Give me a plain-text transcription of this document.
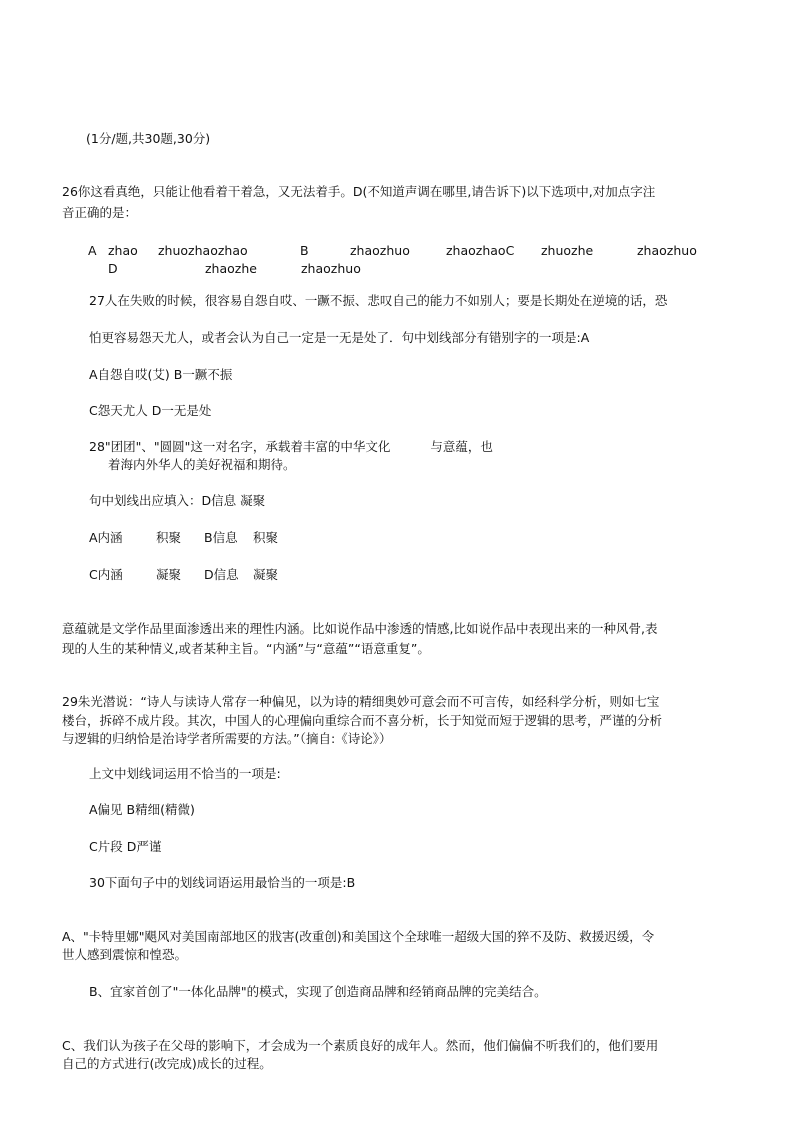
(1分/题,共30题,30分)
26你这看真绝，只能让他看着干着急，又无法着手。D(不知道声调在哪里,请告诉下)以下选项中,对加点字注
音正确的是：
A zhao zhuozhaozhao	B	zhaozhuo	zhaozhaoC zhuozhe	zhaozhuo
D	zhaozhe	zhaozhuo
27人在失败的时候，很容易自怨自哎、一蹶不振、悲叹自己的能力不如别人；要是长期处在逆境的话，恐
怕更容易怨天尤人，或者会认为自己一定是一无是处了．句中划线部分有错别字的一项是:A
A自怨自哎(艾) B一蹶不振
C怨天尤人 D一无是处
28"团团"、"圆圆"这一对名字，承载着丰富的中华文化	与意蕴，也
着海内外华人的美好祝福和期待。
句中划线出应填入：D信息 凝聚
A内涵	积聚 B信息 积聚
C内涵	凝聚 D信息 凝聚
意蕴就是文学作品里面渗透出来的理性内涵。比如说作品中渗透的情感,比如说作品中表现出来的一种风骨,表
现的人生的某种情义,或者某种主旨。“内涵”与“意蕴”“语意重复”。
29朱光潜说：“诗人与读诗人常存一种偏见，以为诗的精细奥妙可意会而不可言传，如经科学分析，则如七宝
楼台，拆碎不成片段。其次，中国人的心理偏向重综合而不喜分析，长于知觉而短于逻辑的思考，严谨的分析
与逻辑的归纳恰是治诗学者所需要的方法。”（摘自:《诗论》）
上文中划线词运用不恰当的一项是:
A偏见 B精细(精微)
C片段 D严谨
30下面句子中的划线词语运用最恰当的一项是:B
A、"卡特里娜"飓风对美国南部地区的戕害(改重创)和美国这个全球唯一超级大国的猝不及防、救援迟缓，令
世人感到震惊和惶恐。
B、宜家首创了"一体化品牌"的模式，实现了创造商品牌和经销商品牌的完美结合。
C、我们认为孩子在父母的影响下，才会成为一个素质良好的成年人。然而，他们偏偏不听我们的，他们要用
自己的方式进行(改完成)成长的过程。
